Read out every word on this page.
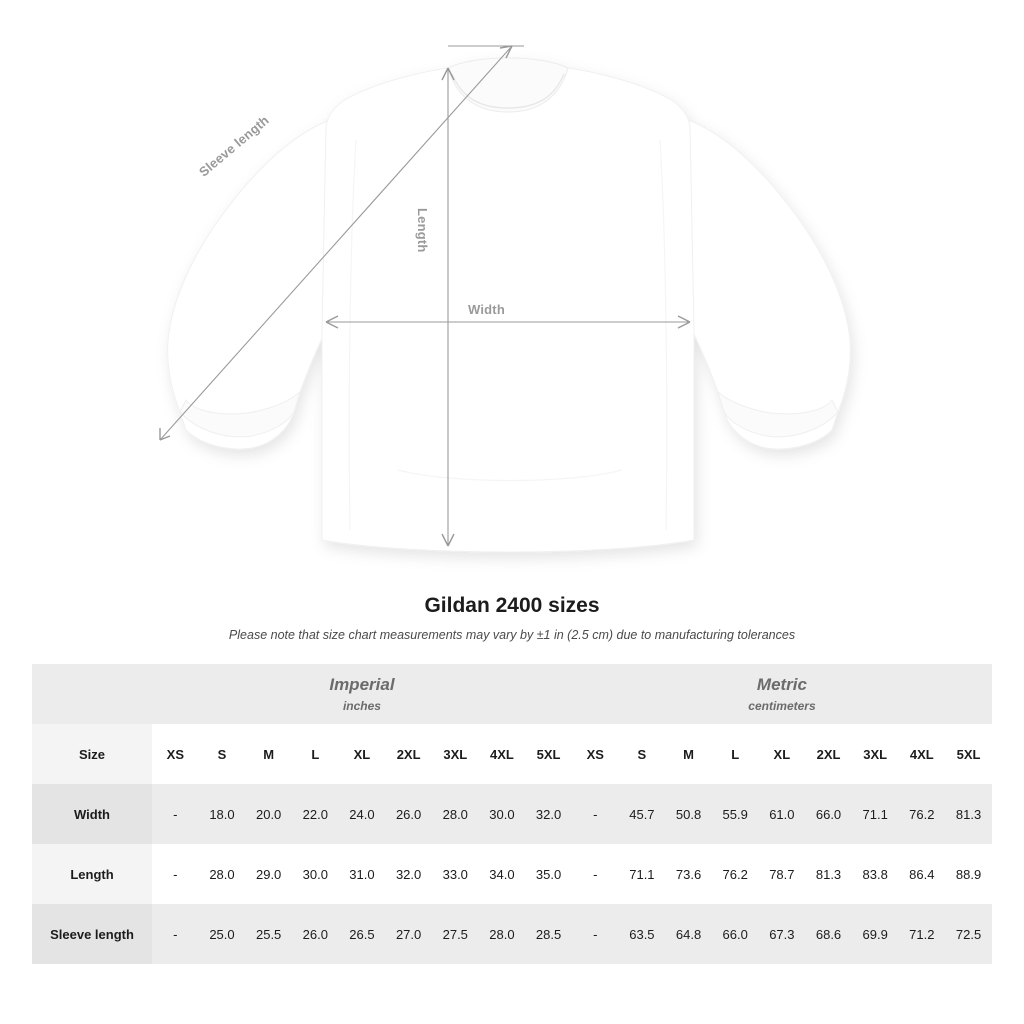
Width
Length
Sleeve length
Gildan 2400 sizes
Please note that size chart measurements may vary by ±1 in (2.5 cm) due to manufacturing tolerances

	Imperial
inches									Metric
centimeters								

Size	XS	S	M	L	XL	2XL	3XL	4XL	5XL	XS	S	M	L	XL	2XL	3XL	4XL	5XL
Width	-	18.0	20.0	22.0	24.0	26.0	28.0	30.0	32.0	-	45.7	50.8	55.9	61.0	66.0	71.1	76.2	81.3
Length	-	28.0	29.0	30.0	31.0	32.0	33.0	34.0	35.0	-	71.1	73.6	76.2	78.7	81.3	83.8	86.4	88.9
Sleeve length	-	25.0	25.5	26.0	26.5	27.0	27.5	28.0	28.5	-	63.5	64.8	66.0	67.3	68.6	69.9	71.2	72.5
